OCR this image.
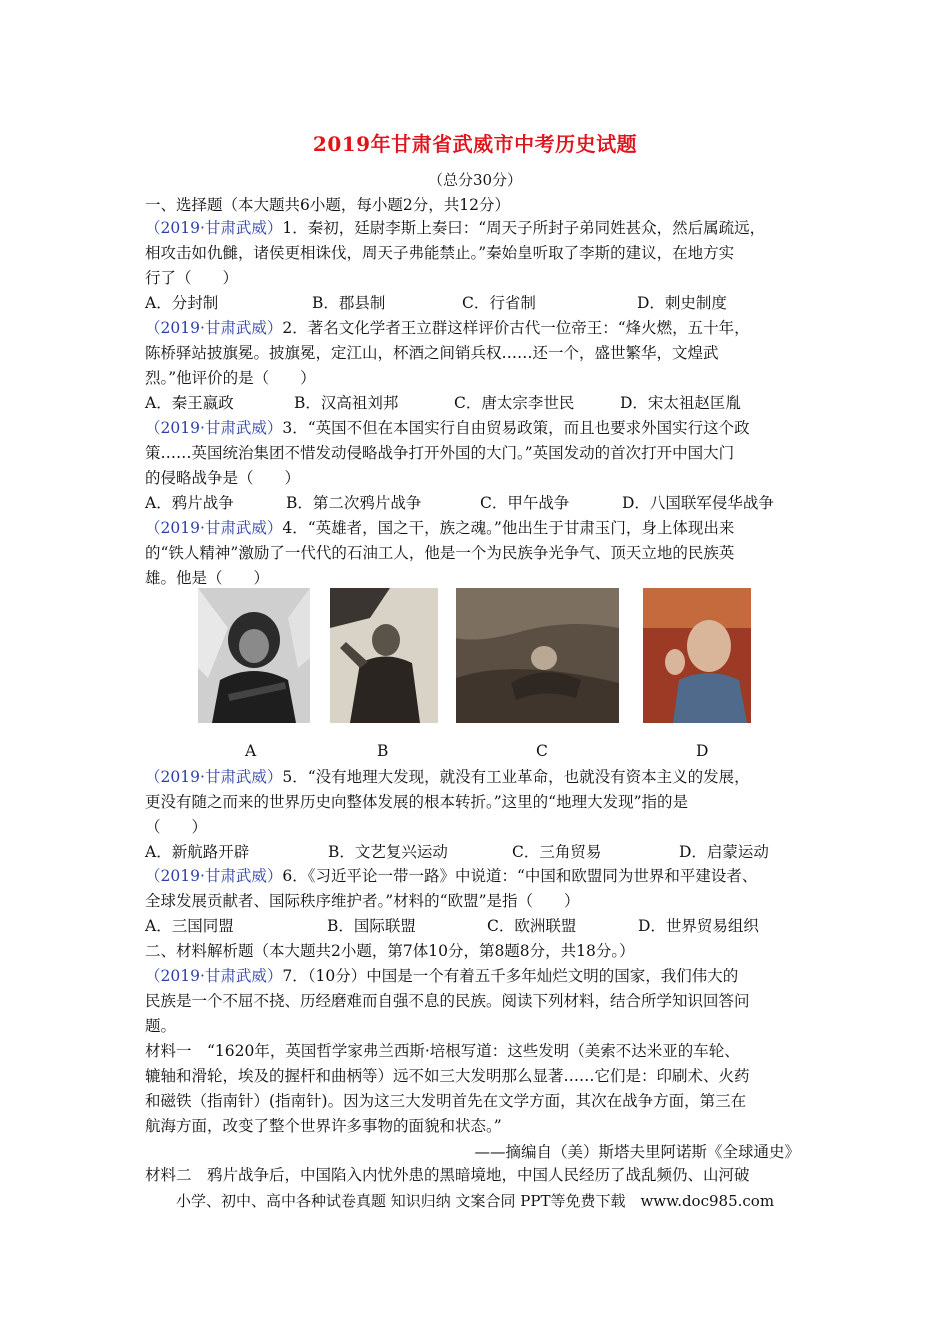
2019年甘肃省武威市中考历史试题
（总分30分）
一、选择题（本大题共6小题，每小题2分，共12分）
（2019·甘肃武威）1．秦初，廷尉李斯上奏曰：“周天子所封子弟同姓甚众，然后属疏远，
相攻击如仇雠，诸侯更相诛伐，周天子弗能禁止。”秦始皇听取了李斯的建议，在地方实
行了（　　）
A．分封制	B．郡县制	C．行省制	D．刺史制度
（2019·甘肃武威）2．著名文化学者王立群这样评价古代一位帝王：“烽火燃，五十年，
陈桥驿站披旗冕。披旗冕，定江山，杯酒之间销兵权……还一个，盛世繁华，文煌武
烈。”他评价的是（　　）
A．秦王嬴政	B．汉高祖刘邦	C．唐太宗李世民	D．宋太祖赵匡胤
（2019·甘肃武威）3．“英国不但在本国实行自由贸易政策，而且也要求外国实行这个政
策……英国统治集团不惜发动侵略战争打开外国的大门。”英国发动的首次打开中国大门
的侵略战争是（　　）
A．鸦片战争	B．第二次鸦片战争	C．甲午战争	D．八国联军侵华战争
（2019·甘肃武威）4．“英雄者，国之干，族之魂。”他出生于甘肃玉门，身上体现出来
的“铁人精神”激励了一代代的石油工人，他是一个为民族争光争气、顶天立地的民族英
雄。他是（　　）
A	B	C	D
（2019·甘肃武威）5．“没有地理大发现，就没有工业革命，也就没有资本主义的发展，
更没有随之而来的世界历史向整体发展的根本转折。”这里的“地理大发现”指的是
（　　）
A．新航路开辟	B．文艺复兴运动	C．三角贸易	D．启蒙运动
（2019·甘肃武威）6．《习近平论一带一路》中说道：“中国和欧盟同为世界和平建设者、
全球发展贡献者、国际秩序维护者。”材料的“欧盟”是指（　　）
A．三国同盟	B．国际联盟	C．欧洲联盟	D．世界贸易组织
二、材料解析题（本大题共2小题，第7体10分，第8题8分，共18分。）
（2019·甘肃武威）7．（10分）中国是一个有着五千多年灿烂文明的国家，我们伟大的
民族是一个不屈不挠、历经磨难而自强不息的民族。阅读下列材料，结合所学知识回答问
题。
材料一　“1620年，英国哲学家弗兰西斯·培根写道：这些发明（美索不达米亚的车轮、
辘轴和滑轮，埃及的握杆和曲柄等）远不如三大发明那么显著……它们是：印刷术、火药
和磁铁（指南针）(指南针)。因为这三大发明首先在文学方面，其次在战争方面，第三在
航海方面，改变了整个世界许多事物的面貌和状态。”
——摘编自（美）斯塔夫里阿诺斯《全球通史》
材料二　鸦片战争后，中国陷入内忧外患的黑暗境地，中国人民经历了战乱频仍、山河破
小学、初中、高中各种试卷真题 知识归纳 文案合同 PPT等免费下载　www.doc985.com
